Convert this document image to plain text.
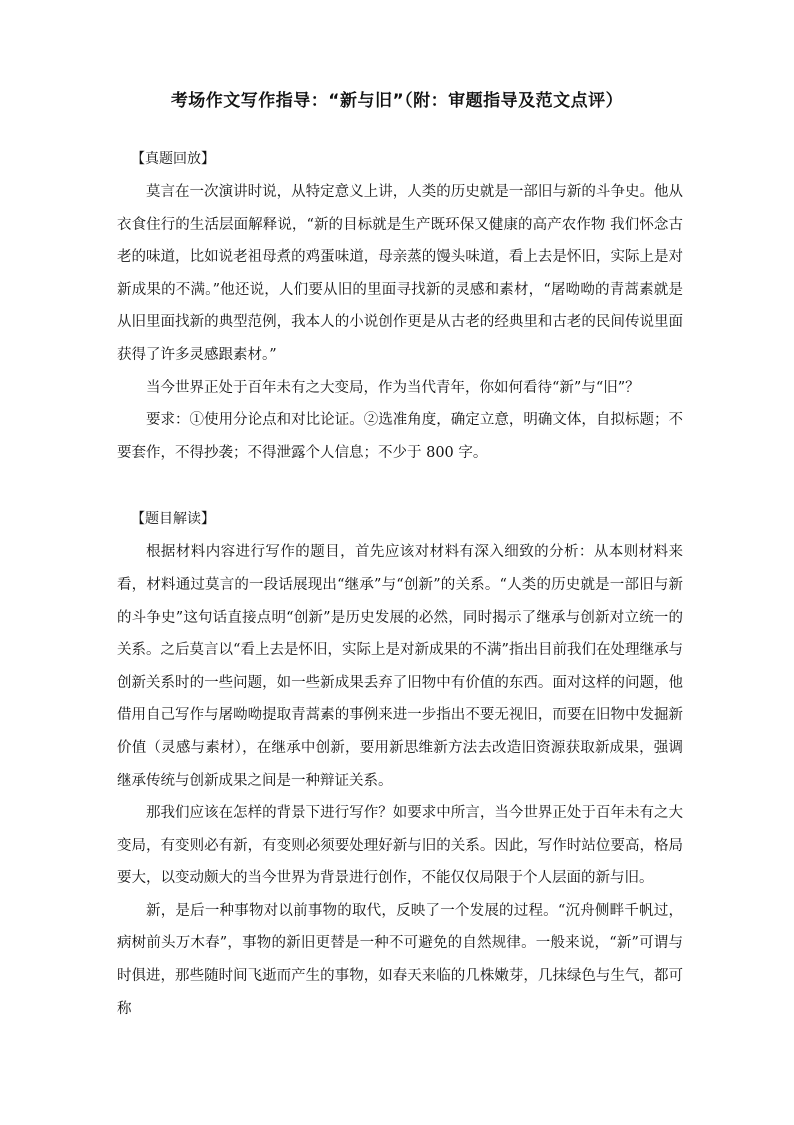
考场作文写作指导：“新与旧”（附：审题指导及范文点评）
【真题回放】

莫言在一次演讲时说，从特定意义上讲，人类的历史就是一部旧与新的斗争史。他从衣食住行的生活层面解释说，“新的目标就是生产既环保又健康的高产农作物 我们怀念古老的味道，比如说老祖母煮的鸡蛋味道，母亲蒸的馒头味道，看上去是怀旧，实际上是对新成果的不满。”他还说，人们要从旧的里面寻找新的灵感和素材，“屠呦呦的青蒿素就是从旧里面找新的典型范例，我本人的小说创作更是从古老的经典里和古老的民间传说里面获得了许多灵感跟素材。”

当今世界正处于百年未有之大变局，作为当代青年，你如何看待“新”与“旧”？

要求：①使用分论点和对比论证。②选准角度，确定立意，明确文体，自拟标题；不要套作，不得抄袭；不得泄露个人信息；不少于 800 字。

【题目解读】

根据材料内容进行写作的题目，首先应该对材料有深入细致的分析：从本则材料来看，材料通过莫言的一段话展现出“继承”与“创新”的关系。“人类的历史就是一部旧与新的斗争史”这句话直接点明“创新”是历史发展的必然，同时揭示了继承与创新对立统一的关系。之后莫言以“看上去是怀旧，实际上是对新成果的不满”指出目前我们在处理继承与创新关系时的一些问题，如一些新成果丢弃了旧物中有价值的东西。面对这样的问题，他借用自己写作与屠呦呦提取青蒿素的事例来进一步指出不要无视旧，而要在旧物中发掘新价值（灵感与素材），在继承中创新，要用新思维新方法去改造旧资源获取新成果，强调继承传统与创新成果之间是一种辩证关系。

那我们应该在怎样的背景下进行写作？如要求中所言，当今世界正处于百年未有之大变局，有变则必有新，有变则必须要处理好新与旧的关系。因此，写作时站位要高，格局要大，以变动颇大的当今世界为背景进行创作，不能仅仅局限于个人层面的新与旧。

新，是后一种事物对以前事物的取代，反映了一个发展的过程。“沉舟侧畔千帆过，病树前头万木春”，事物的新旧更替是一种不可避免的自然规律。一般来说，“新”可谓与时俱进，那些随时间飞逝而产生的事物，如春天来临的几株嫩芽，几抹绿色与生气，都可称
